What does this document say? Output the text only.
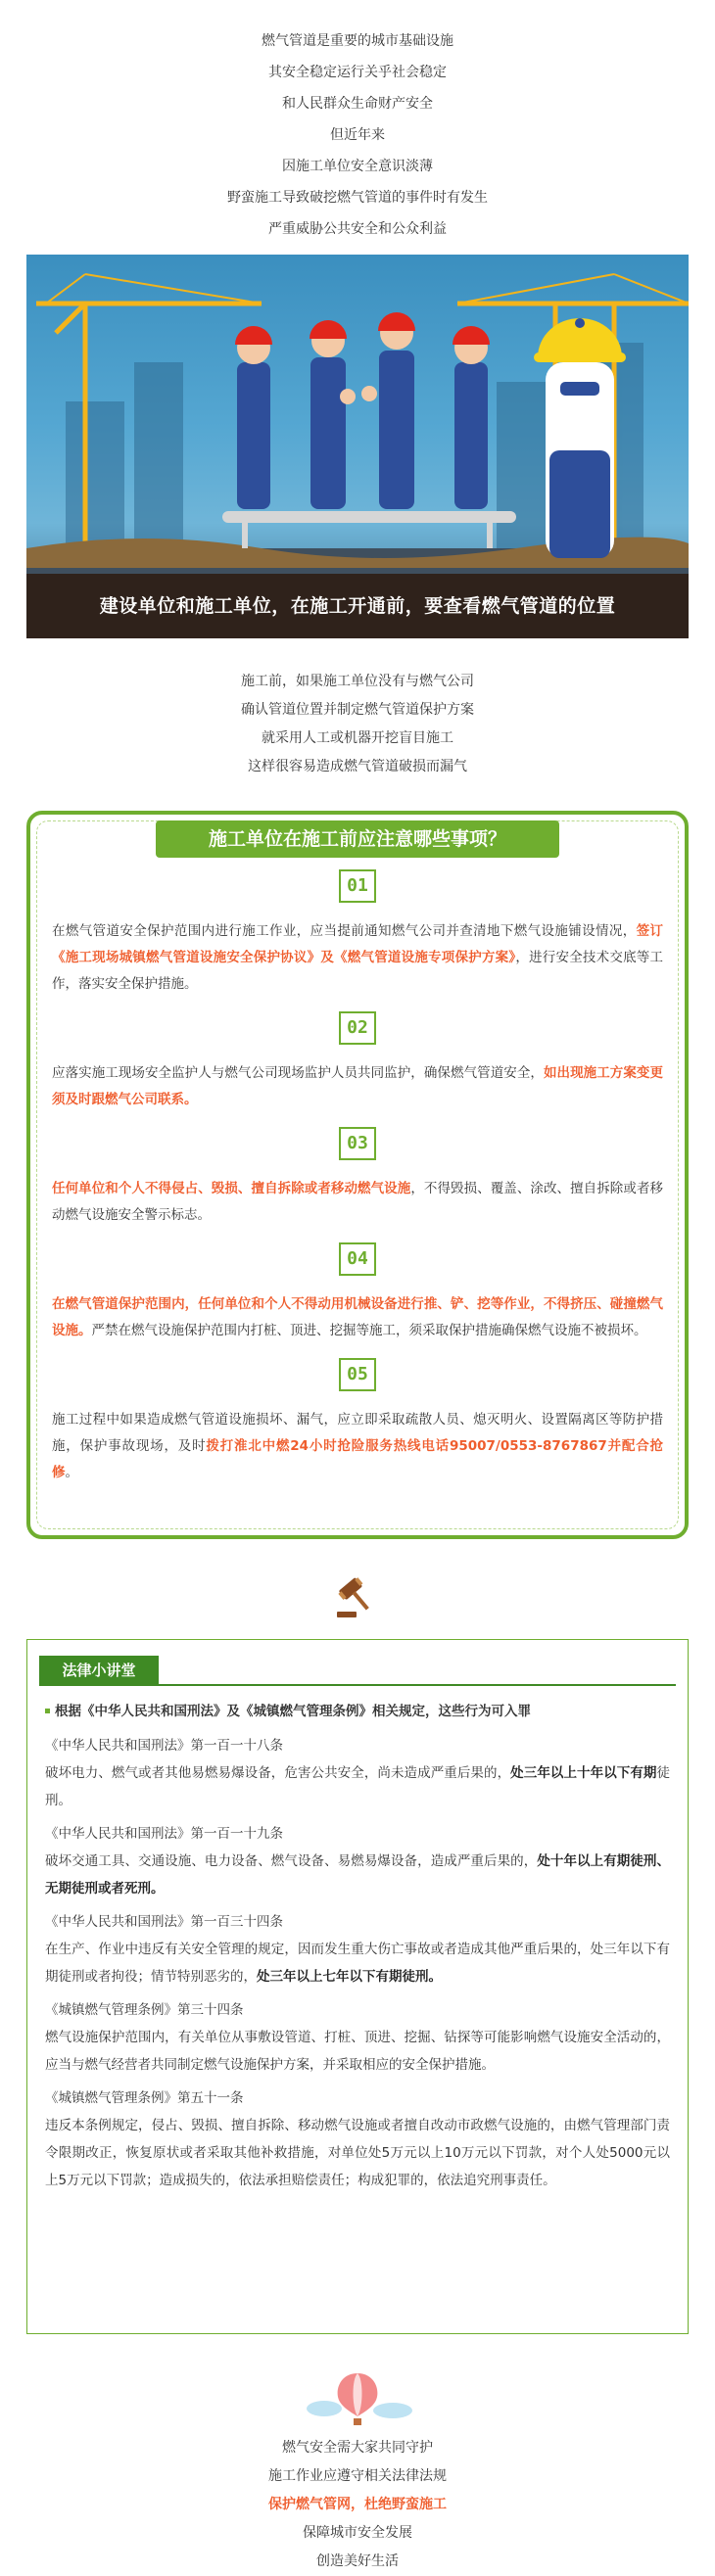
燃气管道是重要的城市基础设施
其安全稳定运行关乎社会稳定
和人民群众生命财产安全
但近年来
因施工单位安全意识淡薄
野蛮施工导致破挖燃气管道的事件时有发生
严重威胁公共安全和公众利益
建设单位和施工单位，在施工开通前，要查看燃气管道的位置
施工前，如果施工单位没有与燃气公司
确认管道位置并制定燃气管道保护方案
就采用人工或机器开挖盲目施工
这样很容易造成燃气管道破损而漏气
施工单位在施工前应注意哪些事项？
01

在燃气管道安全保护范围内进行施工作业，应当提前通知燃气公司并查清地下燃气设施铺设情况，签订《施工现场城镇燃气管道设施安全保护协议》及《燃气管道设施专项保护方案》，进行安全技术交底等工作，落实安全保护措施。

02

应落实施工现场安全监护人与燃气公司现场监护人员共同监护，确保燃气管道安全，如出现施工方案变更须及时跟燃气公司联系。

03

任何单位和个人不得侵占、毁损、擅自拆除或者移动燃气设施，不得毁损、覆盖、涂改、擅自拆除或者移动燃气设施安全警示标志。

04

在燃气管道保护范围内，任何单位和个人不得动用机械设备进行推、铲、挖等作业，不得挤压、碰撞燃气设施。严禁在燃气设施保护范围内打桩、顶进、挖掘等施工，须采取保护措施确保燃气设施不被损坏。

05

施工过程中如果造成燃气管道设施损坏、漏气，应立即采取疏散人员、熄灭明火、设置隔离区等防护措施，保护事故现场，及时拨打淮北中燃24小时抢险服务热线电话95007/0553-8767867并配合抢修。

法律小讲堂
根据《中华人民共和国刑法》及《城镇燃气管理条例》相关规定，这些行为可入罪
《中华人民共和国刑法》第一百一十八条
破坏电力、燃气或者其他易燃易爆设备，危害公共安全，尚未造成严重后果的，处三年以上十年以下有期徒刑。
《中华人民共和国刑法》第一百一十九条
破坏交通工具、交通设施、电力设备、燃气设备、易燃易爆设备，造成严重后果的，处十年以上有期徒刑、无期徒刑或者死刑。
《中华人民共和国刑法》第一百三十四条
在生产、作业中违反有关安全管理的规定，因而发生重大伤亡事故或者造成其他严重后果的，处三年以下有期徒刑或者拘役；情节特别恶劣的，处三年以上七年以下有期徒刑。
《城镇燃气管理条例》第三十四条
燃气设施保护范围内，有关单位从事敷设管道、打桩、顶进、挖掘、钻探等可能影响燃气设施安全活动的，应当与燃气经营者共同制定燃气设施保护方案，并采取相应的安全保护措施。
《城镇燃气管理条例》第五十一条
违反本条例规定，侵占、毁损、擅自拆除、移动燃气设施或者擅自改动市政燃气设施的，由燃气管理部门责令限期改正，恢复原状或者采取其他补救措施，对单位处5万元以上10万元以下罚款，对个人处5000元以上5万元以下罚款；造成损失的，依法承担赔偿责任；构成犯罪的，依法追究刑事责任。
燃气安全需大家共同守护
施工作业应遵守相关法律法规
保护燃气管网，杜绝野蛮施工
保障城市安全发展
创造美好生活
